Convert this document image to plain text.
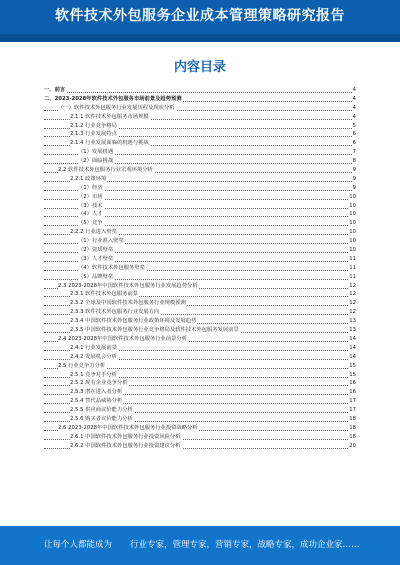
软件技术外包服务企业成本管理策略研究报告
内容目录
一、前言	4
二、2023-2028年软件技术外包服务市场前景及趋势预测	4
（一）软件技术外包服务行业发展历程及现状分析	4
2.1.1 软件技术外包服务市场规模	4
2.1.2 行业竞争格局	5
2.1.3 行业发展特点	6
2.1.4 行业发展面临的机遇与挑战	6
（1）发展机遇	7
（2）面临挑战	8
2.2 软件技术外包服务行业宏观环境分析	9
2.2.1 政策环境	9
（1）经济	9
（2）市场	10
（3）技术	10
（4）人才	10
（5）竞争	10
2.2.2 行业进入壁垒	10
（1）行业准入壁垒	10
（2）资质壁垒	10
（3）人才壁垒	11
（4）软件技术外包服务壁垒	11
（5）品牌壁垒	11
2.3 2023-2028年中国软件技术外包服务行业发展趋势分析	12
2.3.1 软件技术外包服务前景	12
2.3.2 全球及中国软件技术外包服务行业规模预测	12
2.3.3 软件技术外包服务行业发展方向	12
2.3.4 中国软件技术外包服务行业政策环境及发展趋势	13
2.3.5 中国软件技术外包服务行业竞争格局及软件技术外包服务发展前景	13
2.4 2023-2028年中国软件技术外包服务行业前景分析	14
2.4.1 行业发展前景	14
2.4.2 发展机会分析	14
2.5 行业竞争力分析	15
2.5.1 竞争对手分析	15
2.5.2 现有企业竞争分析	16
2.5.3 潜在进入者分析	16
2.5.4 替代品威胁分析	17
2.5.5 供应商议价能力分析	17
2.5.6 购买者议价能力分析	18
2.6 2023-2028年中国软件技术外包服务行业投资战略分析	18
2.6.1 中国软件技术外包服务行业投资风险分析	18
2.6.2 中国软件技术外包服务行业投资建议分析	20
让每个人都能成为 行业专家，管理专家，营销专家，战略专家，成功企业家……
